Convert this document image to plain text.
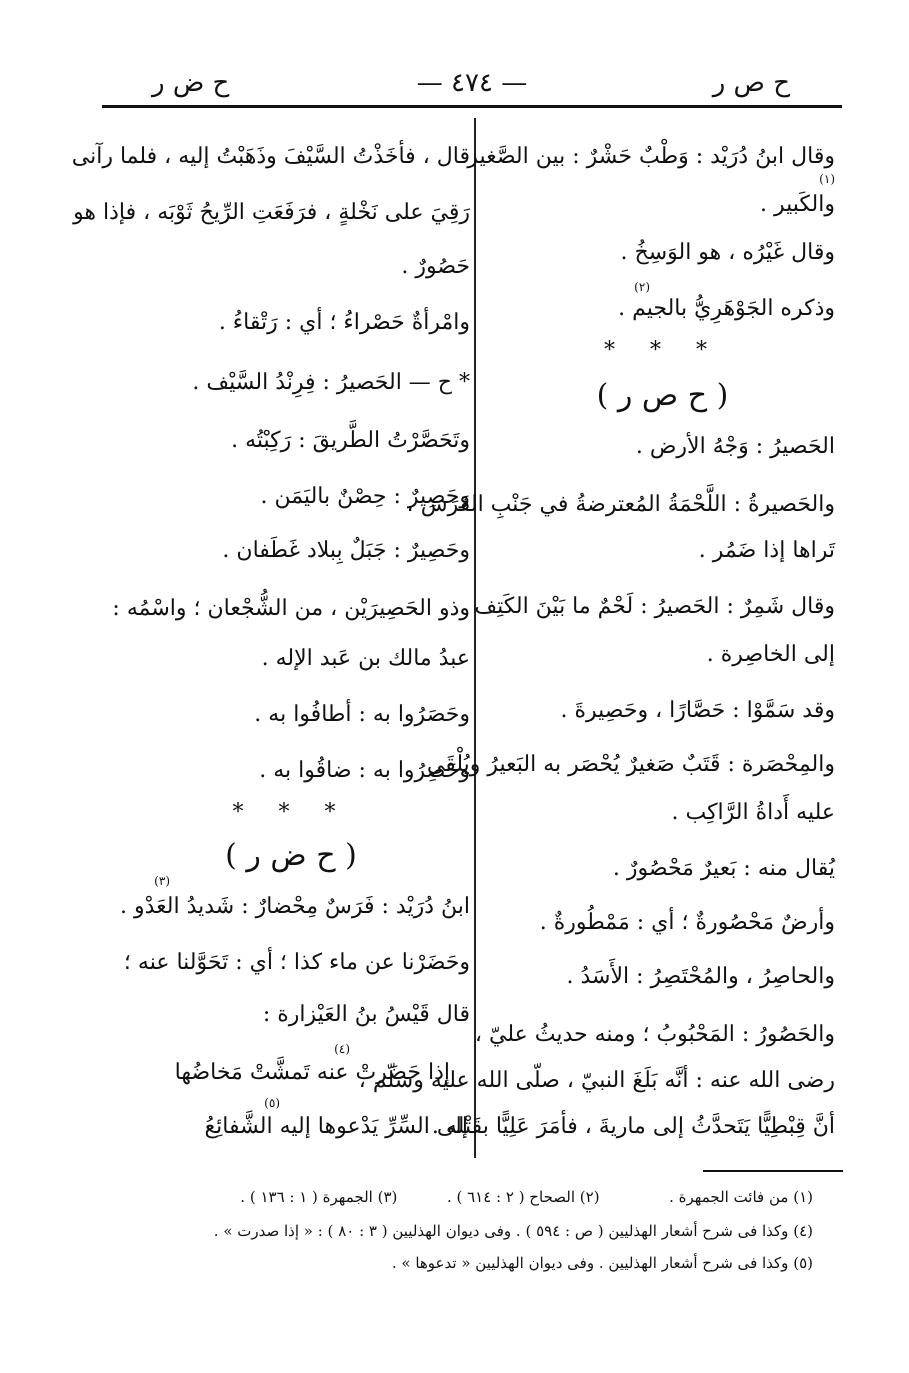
ح ص ر
— ٤٧٤ —
ح ض ر
وقال ابنُ دُرَيْد : وَطْبٌ حَشْرٌ : بين الصَّغير
(١)
والكَبير .
وقال غَيْرُه ، هو الوَسِخُ .
(٢)
وذكره الجَوْهَرِيُّ بالجيم .
* * *
( ح ص ر )
الحَصيرُ : وَجْهُ الأرض .
والحَصيرةُ : اللَّحْمَةُ المُعترضةُ في جَنْبِ الفَرَس ،
تَراها إذا ضَمُر .
وقال شَمِرٌ : الحَصيرُ : لَحْمٌ ما بَيْنَ الكَتِف
إلى الخاصِرة .
وقد سَمَّوْا : حَصَّارًا ، وحَصِيرةَ .
والمِحْصَرة : قَتَبٌ صَغيرٌ يُحْصَر به البَعيرُ ويُلْقَى
عليه أَداةُ الرَّاكِب .
يُقال منه : بَعيرٌ مَحْصُورٌ .
وأرضٌ مَحْصُورةٌ ؛ أي : مَمْطُورةٌ .
والحاصِرُ ، والمُحْتَصِرُ : الأَسَدُ .
والحَصُورُ : المَحْبُوبُ ؛ ومنه حديثُ عليّ ،
رضى الله عنه : أنَّه بَلَغَ النبيّ ، صلّى الله عليه وسلّم ،
أنَّ قِبْطِيًّا يَتَحدَّثُ إلى ماريةَ ، فأمَرَ عَلِيًّا بقَتْله .
قال ، فأخَذْتُ السَّيْفَ وذَهَبْتُ إليه ، فلما رآنى
رَقِيَ على نَخْلةٍ ، فرَفَعَتِ الرِّيحُ ثَوْبَه ، فإذا هو
حَصُورٌ .
وامْرأةٌ حَصْراءُ ؛ أي : رَتْقاءُ .
* ح — الحَصيرُ : فِرِنْدُ السَّيْف .
وتَحَصَّرْتُ الطَّريقَ : رَكِبْتُه .
وحَصِيرٌ : حِصْنٌ باليَمَن .
وحَصِيرٌ : جَبَلٌ بِبلاد غَطَفان .
وذو الحَصِيرَيْن ، من الشُّجْعان ؛ واسْمُه :
عبدُ مالك بن عَبد الإله .
وحَصَرُوا به : أطافُوا به .
وحَصِرُوا به : ضاقُوا به .
* * *
( ح ض ر )
(٣)
ابنُ دُرَيْد : فَرَسٌ مِحْضارٌ : شَديدُ العَدْو .
وحَضَرْنا عن ماء كذا ؛ أي : تَحَوَّلنا عنه ؛
قال قَيْسُ بنُ العَيْزارة :
(٤)
إذا حَضَرتْ عنه تَمشَّتْ مَخاضُها
(٥)
إلى السِّرِّ يَدْعوها إليه الشَّفائِعُ
(١) من فائت الجمهرة .  (٢) الصحاح ( ٢ : ٦١٤ ) .  (٣) الجمهرة ( ١ : ١٣٦ ) .
(٤) وكذا فى شرح أشعار الهذليين ( ص : ٥٩٤ ) . وفى ديوان الهذليين ( ٣ : ٨٠ ) : « إذا صدرت » .
(٥) وكذا فى شرح أشعار الهذليين . وفى ديوان الهذليين « تدعوها » .
